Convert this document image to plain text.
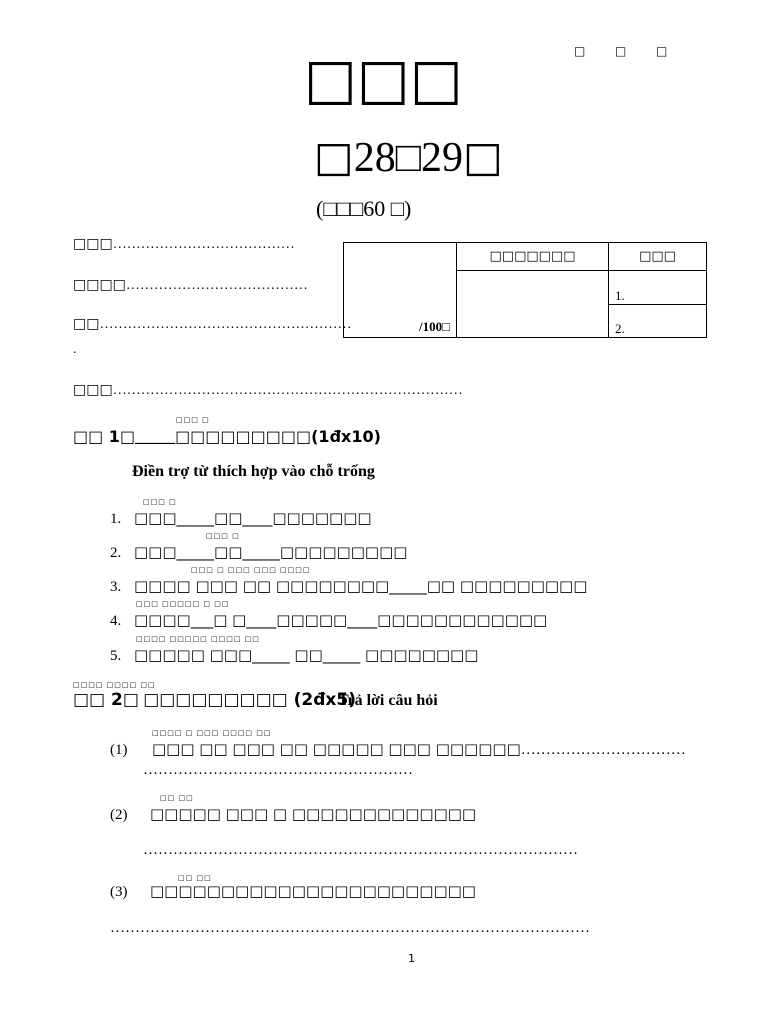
□ □ □
□□□
□28□29□
(□□□60 □)
□□□…………………………………
□□□□…………………………………
□□………………………………………………
.
□□□…………………………………………………………………
/100□	□□□□□□□	□□□
		1.
		2.
□□□ □
□□ 1□_____□□□□□□□□□(1đx10)
Điền trợ từ thích hợp vào chỗ trống
□□□ □
1. □□□_____□□____□□□□□□□
□□□ □
2. □□□_____□□_____□□□□□□□□□
□□□ □ □□□ □□□ □□□□
3. □□□□ □□□ □□ □□□□□□□□_____□□ □□□□□□□□□
□□□ □□□□□ □ □□
4. □□□□___□ □____□□□□□____□□□□□□□□□□□□
□□□□ □□□□□ □□□□ □□
5. □□□□□ □□□_____ □□_____ □□□□□□□□
□□□□ □□□□ □□
□□ 2□ □□□□□□□□□ (2đx5)
Trả lời câu hỏi
□□□□ □ □□□ □□□□ □□
(1) □□□ □□ □□□ □□ □□□□□ □□□ □□□□□□……………………………
………………………………………………
□□ □□
(2) □□□□□ □□□ □ □□□□□□□□□□□□□
……………………………………………………………………………
□□ □□
(3) □□□□□□□□□□□□□□□□□□□□□□□
……………………………………………………………………………………
1
